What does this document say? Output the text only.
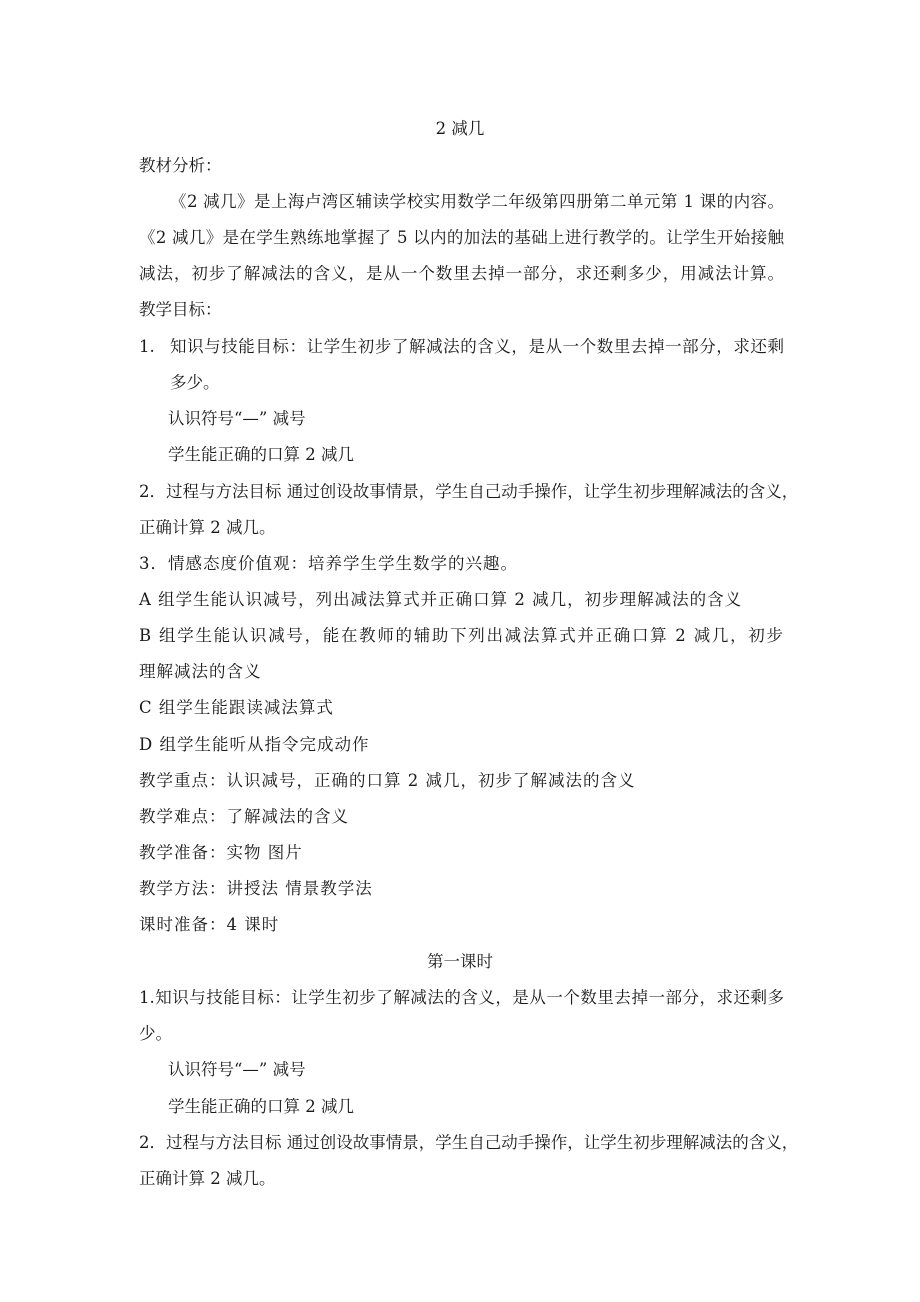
2 减几
教材分析：
《2 减几》是上海卢湾区辅读学校实用数学二年级第四册第二单元第 1 课的内容。
《2 减几》是在学生熟练地掌握了 5 以内的加法的基础上进行教学的。让学生开始接触
减法，初步了解减法的含义，是从一个数里去掉一部分，求还剩多少，用减法计算。
教学目标：
1. 知识与技能目标：让学生初步了解减法的含义，是从一个数里去掉一部分，求还剩
多少。
认识符号“—” 减号
学生能正确的口算 2 减几
2．过程与方法目标 通过创设故事情景，学生自己动手操作，让学生初步理解减法的含义，
正确计算 2 减几。
3．情感态度价值观：培养学生学生数学的兴趣。
A 组学生能认识减号，列出减法算式并正确口算 2 减几，初步理解减法的含义
B 组学生能认识减号，能在教师的辅助下列出减法算式并正确口算 2 减几，初步
理解减法的含义
C 组学生能跟读减法算式
D 组学生能听从指令完成动作
教学重点：认识减号，正确的口算 2 减几，初步了解减法的含义
教学难点：了解减法的含义
教学准备：实物 图片
教学方法：讲授法 情景教学法
课时准备：4 课时
第一课时
1.知识与技能目标：让学生初步了解减法的含义，是从一个数里去掉一部分，求还剩多
少。
认识符号“—” 减号
学生能正确的口算 2 减几
2．过程与方法目标 通过创设故事情景，学生自己动手操作，让学生初步理解减法的含义，
正确计算 2 减几。
